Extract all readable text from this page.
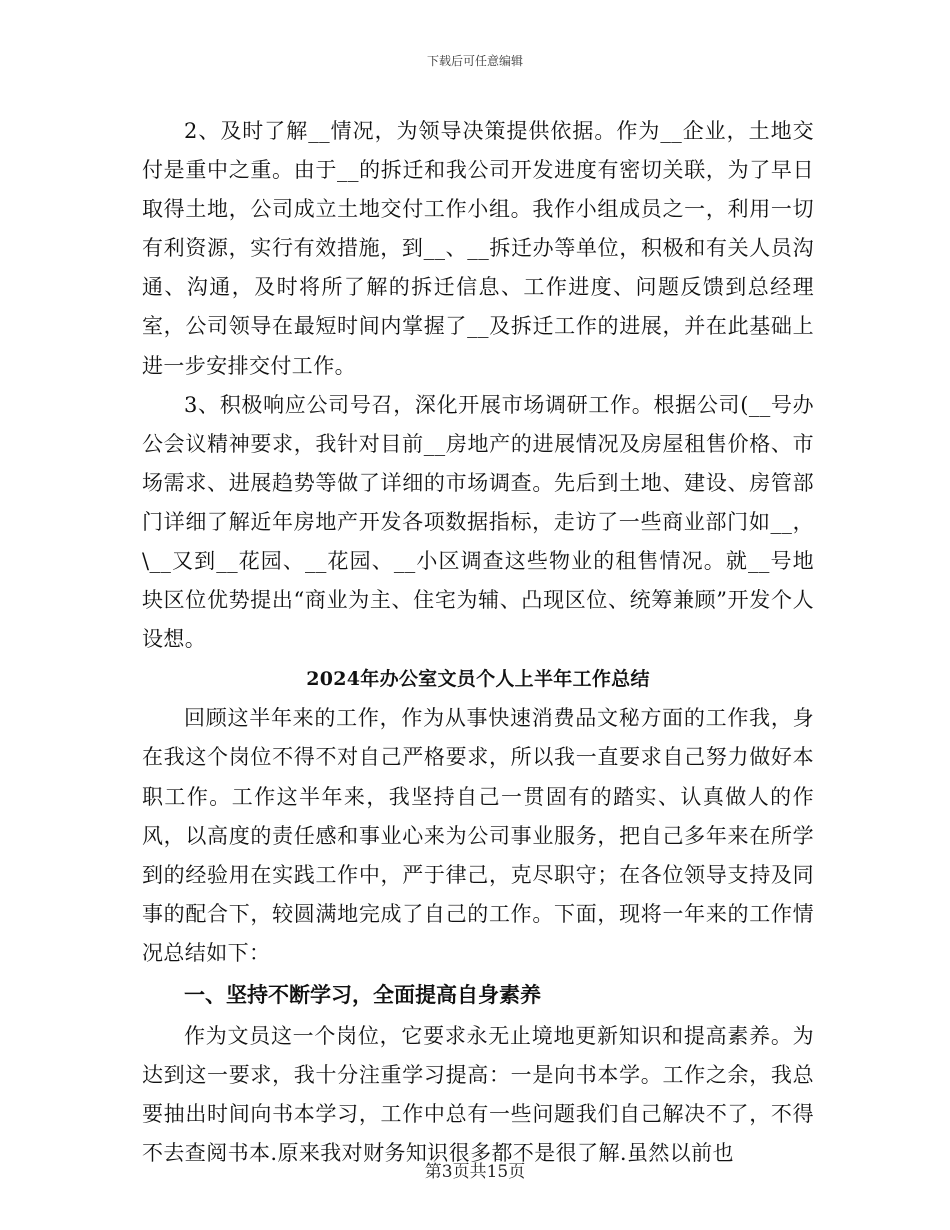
下载后可任意编辑

2、及时了解__情况，为领导决策提供依据。作为__企业，土地交付是重中之重。由于__的拆迁和我公司开发进度有密切关联，为了早日取得土地，公司成立土地交付工作小组。我作小组成员之一，利用一切有利资源，实行有效措施，到__、__拆迁办等单位，积极和有关人员沟通、沟通，及时将所了解的拆迁信息、工作进度、问题反馈到总经理室，公司领导在最短时间内掌握了__及拆迁工作的进展，并在此基础上进一步安排交付工作。

3、积极响应公司号召，深化开展市场调研工作。根据公司(__号办公会议精神要求，我针对目前__房地产的进展情况及房屋租售价格、市场需求、进展趋势等做了详细的市场调查。先后到土地、建设、房管部门详细了解近年房地产开发各项数据指标，走访了一些商业部门如__，\__又到__花园、__花园、__小区调查这些物业的租售情况。就__号地块区位优势提出“商业为主、住宅为辅、凸现区位、统筹兼顾”开发个人设想。

2024年办公室文员个人上半年工作总结

回顾这半年来的工作，作为从事快速消费品文秘方面的工作我，身在我这个岗位不得不对自己严格要求，所以我一直要求自己努力做好本职工作。工作这半年来，我坚持自己一贯固有的踏实、认真做人的作风，以高度的责任感和事业心来为公司事业服务，把自己多年来在所学到的经验用在实践工作中，严于律己，克尽职守；在各位领导支持及同事的配合下，较圆满地完成了自己的工作。下面，现将一年来的工作情况总结如下：

一、坚持不断学习，全面提高自身素养

作为文员这一个岗位，它要求永无止境地更新知识和提高素养。为达到这一要求，我十分注重学习提高：一是向书本学。工作之余，我总要抽出时间向书本学习，工作中总有一些问题我们自己解决不了，不得不去查阅书本.原来我对财务知识很多都不是很了解.虽然以前也

第3页共15页
